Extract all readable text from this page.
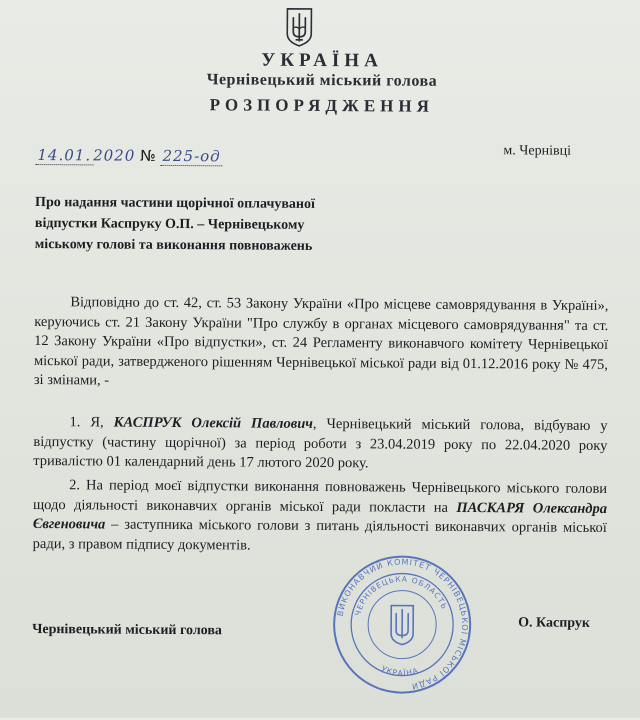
УКРАЇНА
Чернівецький міський голова
РОЗПОРЯДЖЕННЯ
14.01. 2020 № 225-од	м. Чернівці
Про надання частини щорічної оплачуваної відпустки Каспруку О.П. – Чернівецькому міському голові та виконання повноважень
Відповідно до ст. 42, ст. 53 Закону України «Про місцеве самоврядування в Україні», керуючись ст. 21 Закону України "Про службу в органах місцевого самоврядування" та ст. 12 Закону України «Про відпустки», ст. 24 Регламенту виконавчого комітету Чернівецької міської ради, затвердженого рішенням Чернівецької міської ради від 01.12.2016 року № 475, зі змінами, -
1. Я, КАСПРУК Олексій Павлович, Чернівецький міський голова, відбуваю у відпустку (частину щорічної) за період роботи з 23.04.2019 року по 22.04.2020 року тривалістю 01 календарний день 17 лютого 2020 року.
2. На період моєї відпустки виконання повноважень Чернівецького міського голови щодо діяльності виконавчих органів міської ради покласти на ПАСКАРЯ Олександра Євгеновича – заступника міського голови з питань діяльності виконавчих органів міської ради, з правом підпису документів.
Чернівецький міський голова	О. Каспрук
ВИКОНАВЧИЙ КОМІТЕТ ЧЕРНІВЕЦЬКОЇ МІСЬКОЇ РАДИ
ЧЕРНІВЕЦЬКА ОБЛАСТЬ
УКРАЇНА
